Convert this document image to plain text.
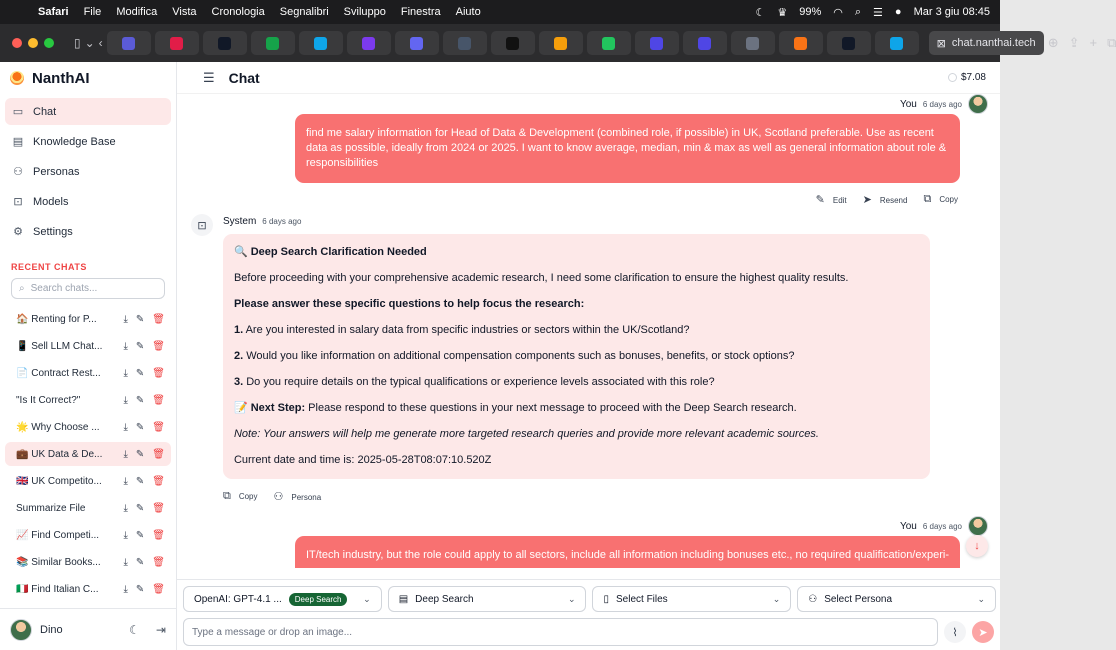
Safari File Modifica Vista Cronologia Segnalibri Sviluppo Finestra Aiuto	☾ ♛ 99% ◠ ⌕ ☰ ● Mar 3 giu 08:45
▯ ⌄ ‹	⊠ chat.nanthai.tech ⊕ ⇪ + ⧉
NanthAI
▭ Chat
▤ Knowledge Base
⚇ Personas
⊡ Models
⚙ Settings
RECENT CHATS
⌕ Search chats...
🏠 Renting for P...	⤓ ✎ 🗑
📱 Sell LLM Chat...	⤓ ✎ 🗑
📄 Contract Rest...	⤓ ✎ 🗑
"Is It Correct?"	⤓ ✎ 🗑
🌟 Why Choose ...	⤓ ✎ 🗑
💼 UK Data & De...	⤓ ✎ 🗑
🇬🇧 UK Competito...	⤓ ✎ 🗑
Summarize File	⤓ ✎ 🗑
📈 Find Competi...	⤓ ✎ 🗑
📚 Similar Books...	⤓ ✎ 🗑
🇮🇹 Find Italian C...	⤓ ✎ 🗑
Dino	☾ ⇥
☰ Chat	$7.08
You 6 days ago
find me salary information for Head of Data & Development (combined role, if possible) in UK, Scotland preferable. Use as recent data as possible, ideally from 2024 or 2025. I want to know average, median, min & max as well as general information about role & responsibilities
✎ Edit ➤ Resend ⧉ Copy
⊡	System 6 days ago

🔍 Deep Search Clarification Needed

Before proceeding with your comprehensive academic research, I need some clarification to ensure the highest quality results.

Please answer these specific questions to help focus the research:

1. Are you interested in salary data from specific industries or sectors within the UK/Scotland?

2. Would you like information on additional compensation components such as bonuses, benefits, or stock options?

3. Do you require details on the typical qualifications or experience levels associated with this role?

📝 Next Step: Please respond to these questions in your next message to proceed with the Deep Search research.

Note: Your answers will help me generate more targeted research queries and provide more relevant academic sources.

Current date and time is: 2025-05-28T08:07:10.520Z

⧉ Copy ⚇ Persona
You 6 days ago
IT/tech industry, but the role could apply to all sectors, include all information including bonuses etc., no required qualification/experi-
↓
OpenAI: GPT-4.1 ...	Deep Search	⌄	▤ Deep Search	⌄	▯ Select Files	⌄	⚇ Select Persona	⌄
Type a message or drop an image...	⌇	➤
